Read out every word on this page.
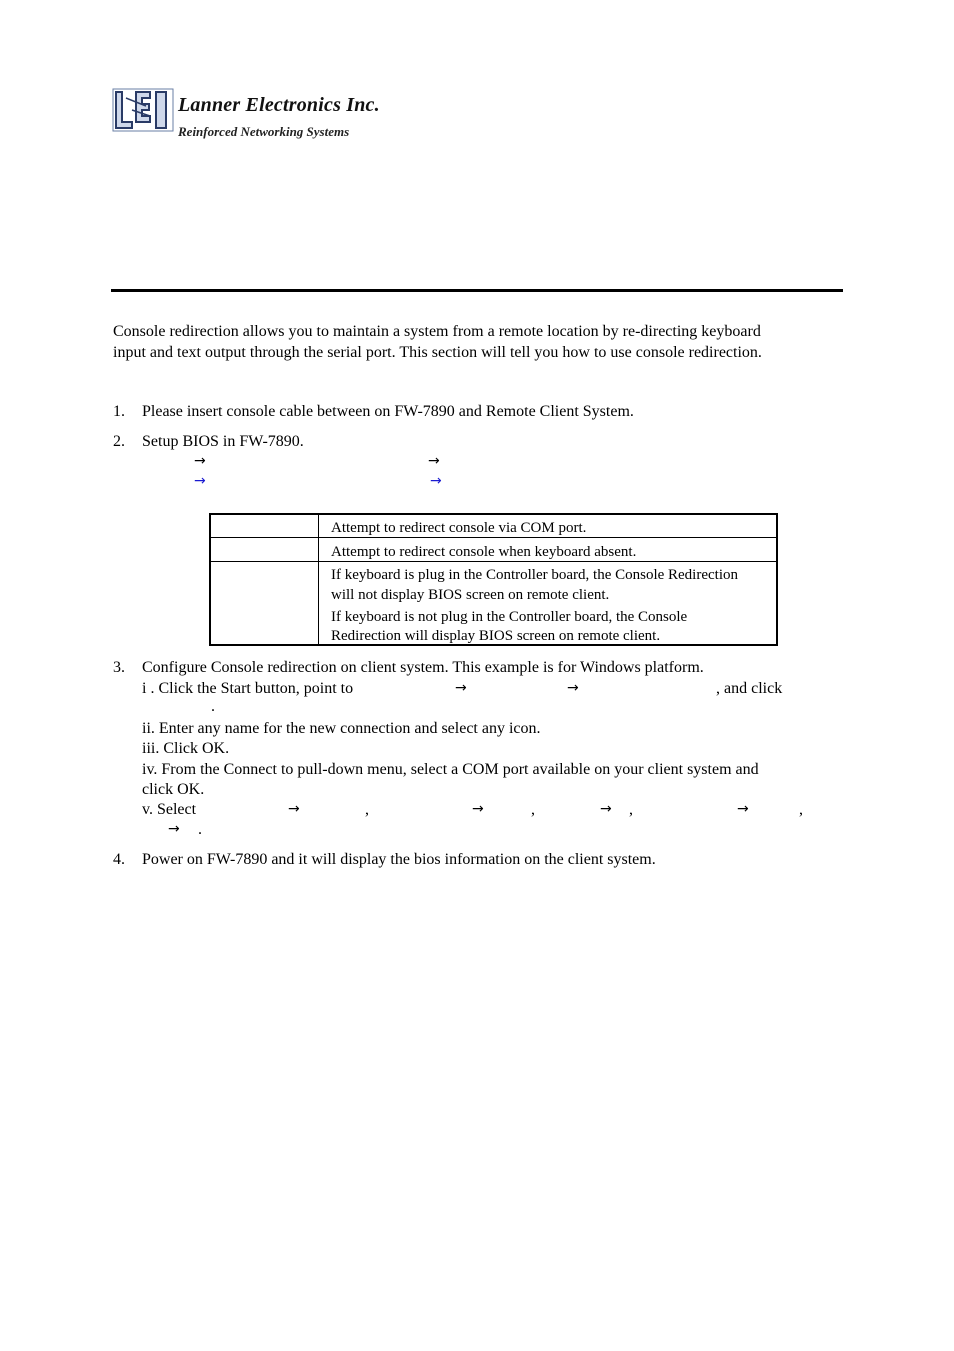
Lanner Electronics Inc.
Reinforced Networking Systems
Console redirection allows you to maintain a system from a remote location by re-directing keyboard
input and text output through the serial port. This section will tell you how to use console redirection.
1. Please insert console cable between on FW-7890 and Remote Client System.
2. Setup BIOS in FW-7890.
→	→
→	→
Attempt to redirect console via COM port.
Attempt to redirect console when keyboard absent.
If keyboard is plug in the Controller board, the Console Redirection
will not display BIOS screen on remote client.
If keyboard is not plug in the Controller board, the Console
Redirection will display BIOS screen on remote client.
3. Configure Console redirection on client system. This example is for Windows platform.
i . Click the Start button, point to	→	→	, and click
.
ii. Enter any name for the new connection and select any icon.
iii. Click OK.
iv. From the Connect to pull-down menu, select a COM port available on your client system and
click OK.
v. Select	→	,	→	,	→ ,	→	,
→ .
4. Power on FW-7890 and it will display the bios information on the client system.
